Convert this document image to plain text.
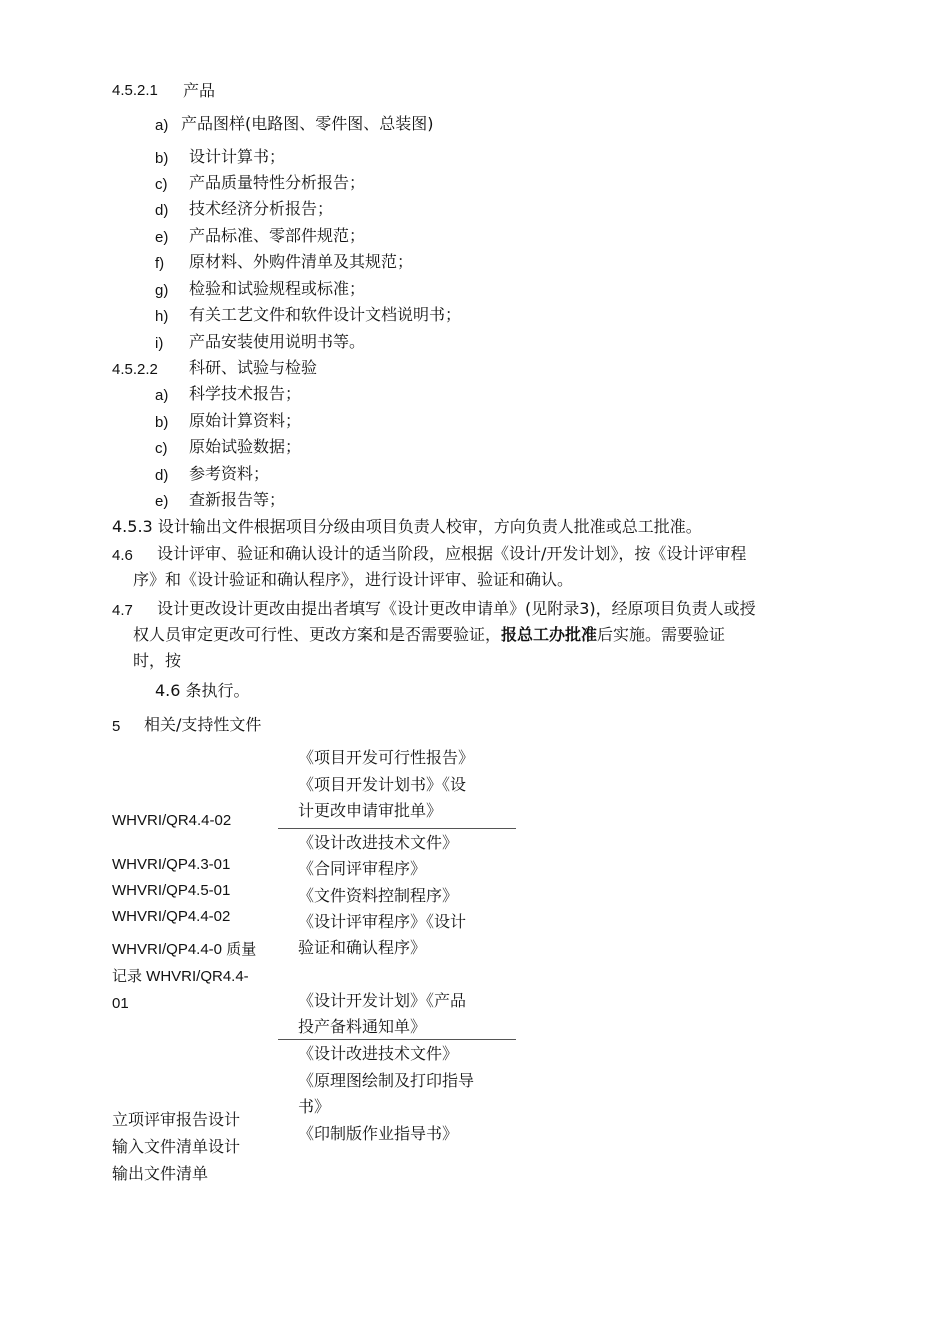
4.5.2.1 产品
a) 产品图样(电路图、零件图、总装图)
b) 设计计算书；
c) 产品质量特性分析报告；
d) 技术经济分析报告；
e) 产品标准、零部件规范；
f) 原材料、外购件清单及其规范；
g) 检验和试验规程或标准；
h) 有关工艺文件和软件设计文档说明书；
i) 产品安装使用说明书等。
4.5.2.2 科研、试验与检验
a) 科学技术报告；
b) 原始计算资料；
c) 原始试验数据；
d) 参考资料；
e) 查新报告等；
4.5.3 设计输出文件根据项目分级由项目负责人校审，方向负责人批准或总工批准。
4.6 设计评审、验证和确认设计的适当阶段，应根据《设计/开发计划》，按《设计评审程
序》和《设计验证和确认程序》，进行设计评审、验证和确认。
4.7 设计更改设计更改由提出者填写《设计更改申请单》(见附录3)，经原项目负责人或授
权人员审定更改可行性、更改方案和是否需要验证，报总工办批准后实施。需要验证
时，按
4.6 条执行。
5 相关/支持性文件
WHVRI/QR4.4-02
WHVRI/QP4.3-01
WHVRI/QP4.5-01
WHVRI/QP4.4-02
WHVRI/QP4.4-0 质量
记录 WHVRI/QR4.4-
01
立项评审报告设计
输入文件清单设计
输出文件清单
《项目开发可行性报告》
《项目开发计划书》《设
计更改申请审批单》
《设计改进技术文件》
《合同评审程序》
《文件资料控制程序》
《设计评审程序》《设计
验证和确认程序》
《设计开发计划》《产品
投产备料通知单》
《设计改进技术文件》
《原理图绘制及打印指导
书》
《印制版作业指导书》
